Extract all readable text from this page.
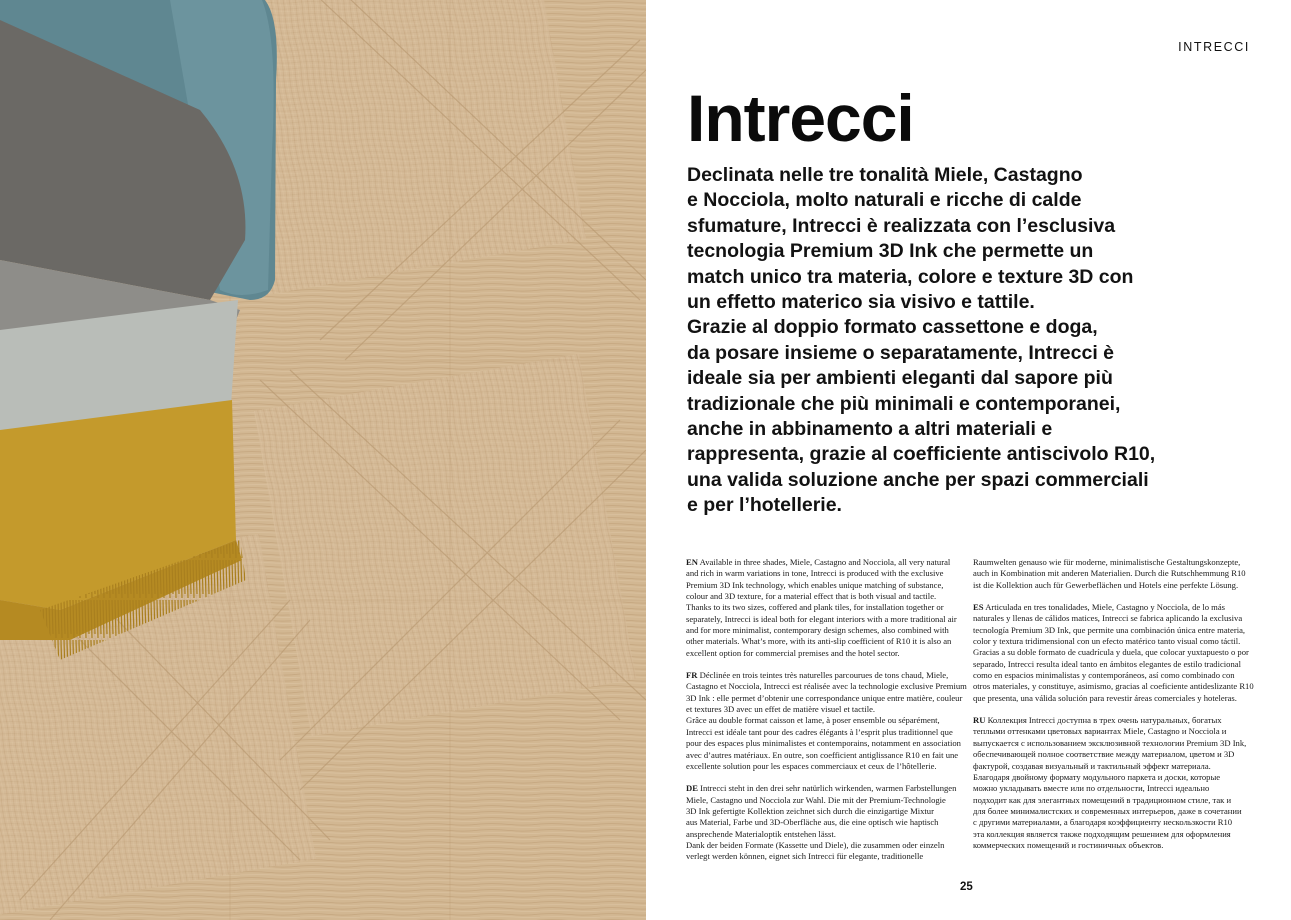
INTRECCI
Intrecci
Declinata nelle tre tonalità Miele, Castagno
e Nocciola, molto naturali e ricche di calde
sfumature, Intrecci è realizzata con l’esclusiva
tecnologia Premium 3D Ink che permette un
match unico tra materia, colore e texture 3D con
un effetto materico sia visivo e tattile.
Grazie al doppio formato cassettone e doga,
da posare insieme o separatamente, Intrecci è
ideale sia per ambienti eleganti dal sapore più
tradizionale che più minimali e contemporanei,
anche in abbinamento a altri materiali e
rappresenta, grazie al coefficiente antiscivolo R10,
una valida soluzione anche per spazi commerciali
e per l’hotellerie.

EN Available in three shades, Miele, Castagno and Nocciola, all very natural
and rich in warm variations in tone, Intrecci is produced with the exclusive
Premium 3D Ink technology, which enables unique matching of substance,
colour and 3D texture, for a material effect that is both visual and tactile.
Thanks to its two sizes, coffered and plank tiles, for installation together or
separately, Intrecci is ideal both for elegant interiors with a more traditional air
and for more minimalist, contemporary design schemes, also combined with
other materials. What’s more, with its anti-slip coefficient of R10 it is also an
excellent option for commercial premises and the hotel sector.

FR Déclinée en trois teintes très naturelles parcourues de tons chaud, Miele,
Castagno et Nocciola, Intrecci est réalisée avec la technologie exclusive Premium
3D Ink : elle permet d’obtenir une correspondance unique entre matière, couleur
et textures 3D avec un effet de matière visuel et tactile.
Grâce au double format caisson et lame, à poser ensemble ou séparément,
Intrecci est idéale tant pour des cadres élégants à l’esprit plus traditionnel que
pour des espaces plus minimalistes et contemporains, notamment en association
avec d’autres matériaux. En outre, son coefficient antiglissance R10 en fait une
excellente solution pour les espaces commerciaux et ceux de l’hôtellerie.

DE Intrecci steht in den drei sehr natürlich wirkenden, warmen Farbstellungen
Miele, Castagno und Nocciola zur Wahl. Die mit der Premium-Technologie
3D Ink gefertigte Kollektion zeichnet sich durch die einzigartige Mixtur
aus Material, Farbe und 3D-Oberfläche aus, die eine optisch wie haptisch
ansprechende Materialoptik entstehen lässt.
Dank der beiden Formate (Kassette und Diele), die zusammen oder einzeln
verlegt werden können, eignet sich Intrecci für elegante, traditionelle

Raumwelten genauso wie für moderne, minimalistische Gestaltungskonzepte,
auch in Kombination mit anderen Materialien. Durch die Rutschhemmung R10
ist die Kollektion auch für Gewerbeflächen und Hotels eine perfekte Lösung.

ES Articulada en tres tonalidades, Miele, Castagno y Nocciola, de lo más
naturales y llenas de cálidos matices, Intrecci se fabrica aplicando la exclusiva
tecnología Premium 3D Ink, que permite una combinación única entre materia,
color y textura tridimensional con un efecto matérico tanto visual como táctil.
Gracias a su doble formato de cuadrícula y duela, que colocar yuxtapuesto o por
separado, Intrecci resulta ideal tanto en ámbitos elegantes de estilo tradicional
como en espacios minimalistas y contemporáneos, así como combinado con
otros materiales, y constituye, asimismo, gracias al coeficiente antideslizante R10
que presenta, una válida solución para revestir áreas comerciales y hoteleras.

RU Коллекция Intrecci доступна в трех очень натуральных, богатых
теплыми оттенками цветовых вариантах Miele, Castagno и Nocciola и
выпускается с использованием эксклюзивной технологии Premium 3D Ink,
обеспечивающей полное соответствие между материалом, цветом и 3D
фактурой, создавая визуальный и тактильный эффект материала.
Благодаря двойному формату модульного паркета и доски, которые
можно укладывать вместе или по отдельности, Intrecci идеально
подходит как для элегантных помещений в традиционном стиле, так и
для более минималистских и современных интерьеров, даже в сочетании
с другими материалами, а благодаря коэффициенту нескользкости R10
эта коллекция является также подходящим решением для оформления
коммерческих помещений и гостиничных объектов.

25
